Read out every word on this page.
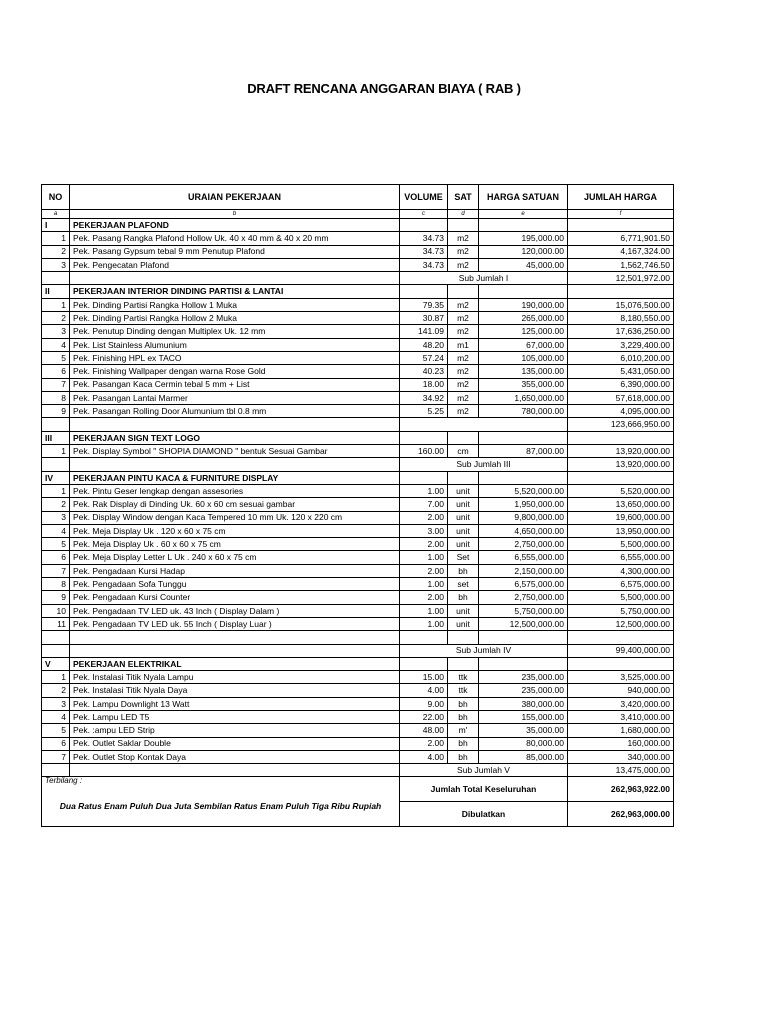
DRAFT RENCANA ANGGARAN BIAYA ( RAB )
NO	URAIAN PEKERJAAN	VOLUME	SAT	HARGA SATUAN	JUMLAH HARGA
a	b	c	d	e	f
I	PEKERJAAN PLAFOND				
1	Pek. Pasang Rangka Plafond Hollow Uk. 40 x 40 mm & 40 x 20 mm	34.73	m2	195,000.00	6,771,901.50
2	Pek. Pasang Gypsum tebal 9 mm Penutup Plafond	34.73	m2	120,000.00	4,167,324.00
3	Pek. Pengecatan Plafond	34.73	m2	45,000.00	1,562,746.50
		Sub Jumlah I			12,501,972.00
II	PEKERJAAN INTERIOR DINDING PARTISI & LANTAI				
1	Pek. Dinding Partisi Rangka Hollow 1 Muka	79.35	m2	190,000.00	15,076,500.00
2	Pek. Dinding Partisi Rangka Hollow 2 Muka	30.87	m2	265,000.00	8,180,550.00
3	Pek. Penutup Dinding dengan Multiplex Uk. 12 mm	141.09	m2	125,000.00	17,636,250.00
4	Pek. List Stainless Alumunium	48.20	m1	67,000.00	3,229,400.00
5	Pek. Finishing HPL ex TACO	57.24	m2	105,000.00	6,010,200.00
6	Pek. Finishing Wallpaper dengan warna Rose Gold	40.23	m2	135,000.00	5,431,050.00
7	Pek. Pasangan Kaca Cermin tebal 5 mm + List	18.00	m2	355,000.00	6,390,000.00
8	Pek. Pasangan Lantai Marmer	34.92	m2	1,650,000.00	57,618,000.00
9	Pek. Pasangan Rolling Door Alumunium tbl 0.8 mm	5.25	m2	780,000.00	4,095,000.00
					123,666,950.00
III	PEKERJAAN SIGN TEXT LOGO				
1	Pek. Display Symbol " SHOPIA DIAMOND " bentuk Sesuai Gambar	160.00	cm	87,000.00	13,920,000.00
		Sub Jumlah III			13,920,000.00
IV	PEKERJAAN PINTU KACA & FURNITURE DISPLAY				
1	Pek. Pintu Geser lengkap dengan assesories	1.00	unit	5,520,000.00	5,520,000.00
2	Pek. Rak Display di Dinding Uk. 60 x 60 cm sesuai gambar	7.00	unit	1,950,000.00	13,650,000.00
3	Pek. Display Window dengan Kaca Tempered 10 mm Uk. 120 x 220 cm	2.00	unit	9,800,000.00	19,600,000.00
4	Pek. Meja Display Uk . 120 x 60 x 75 cm	3.00	unit	4,650,000.00	13,950,000.00
5	Pek. Meja Display Uk . 60 x 60 x 75 cm	2.00	unit	2,750,000.00	5,500,000.00
6	Pek. Meja Display Letter L Uk . 240 x 60 x 75 cm	1.00	Set	6,555,000.00	6,555,000.00
7	Pek. Pengadaan Kursi Hadap	2.00	bh	2,150,000.00	4,300,000.00
8	Pek. Pengadaan Sofa Tunggu	1.00	set	6,575,000.00	6,575,000.00
9	Pek. Pengadaan Kursi Counter	2.00	bh	2,750,000.00	5,500,000.00
10	Pek. Pengadaan TV LED uk. 43 Inch ( Display Dalam )	1.00	unit	5,750,000.00	5,750,000.00
11	Pek. Pengadaan TV LED uk. 55 Inch ( Display Luar )	1.00	unit	12,500,000.00	12,500,000.00

		Sub Jumlah IV			99,400,000.00
V	PEKERJAAN ELEKTRIKAL				
1	Pek. Instalasi Titik Nyala Lampu	15.00	ttk	235,000.00	3,525,000.00
2	Pek. Instalasi Titik Nyala Daya	4.00	ttk	235,000.00	940,000.00
3	Pek. Lampu Downlight 13 Watt	9.00	bh	380,000.00	3,420,000.00
4	Pek. Lampu LED T5	22.00	bh	155,000.00	3,410,000.00
5	Pek. :ampu LED Strip	48.00	m'	35,000.00	1,680,000.00
6	Pek. Outlet Saklar Double	2.00	bh	80,000.00	160,000.00
7	Pek. Outlet Stop Kontak Daya	4.00	bh	85,000.00	340,000.00
		Sub Jumlah V			13,475,000.00
Terbilang :		Jumlah Total Keseluruhan			262,963,922.00
Dua Ratus Enam Puluh Dua Juta Sembilan Ratus Enam Puluh Tiga Ribu Rupiah		Dibulatkan			262,963,000.00
